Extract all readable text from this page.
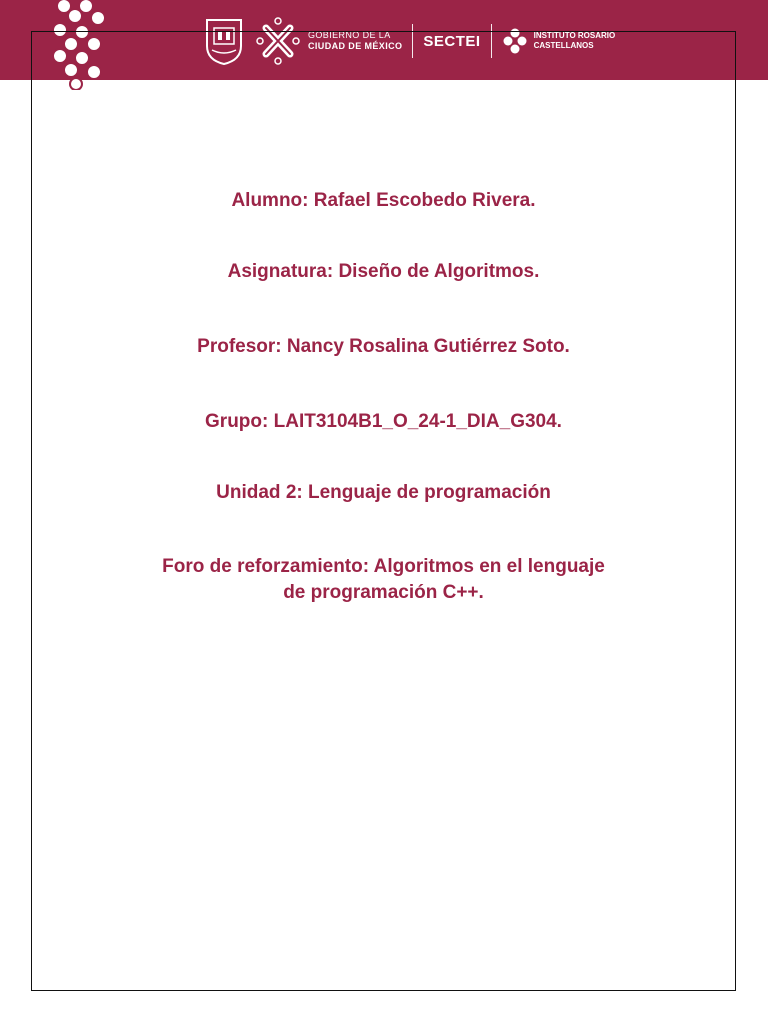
GOBIERNO DE LA
CIUDAD DE MÉXICO SECTEI	INSTITUTO ROSARIO
CASTELLANOS
Alumno: Rafael Escobedo Rivera.
Asignatura: Diseño de Algoritmos.
Profesor: Nancy Rosalina Gutiérrez Soto.
Grupo: LAIT3104B1_O_24-1_DIA_G304.
Unidad 2: Lenguaje de programación
Foro de reforzamiento: Algoritmos en el lenguaje
de programación C++.
